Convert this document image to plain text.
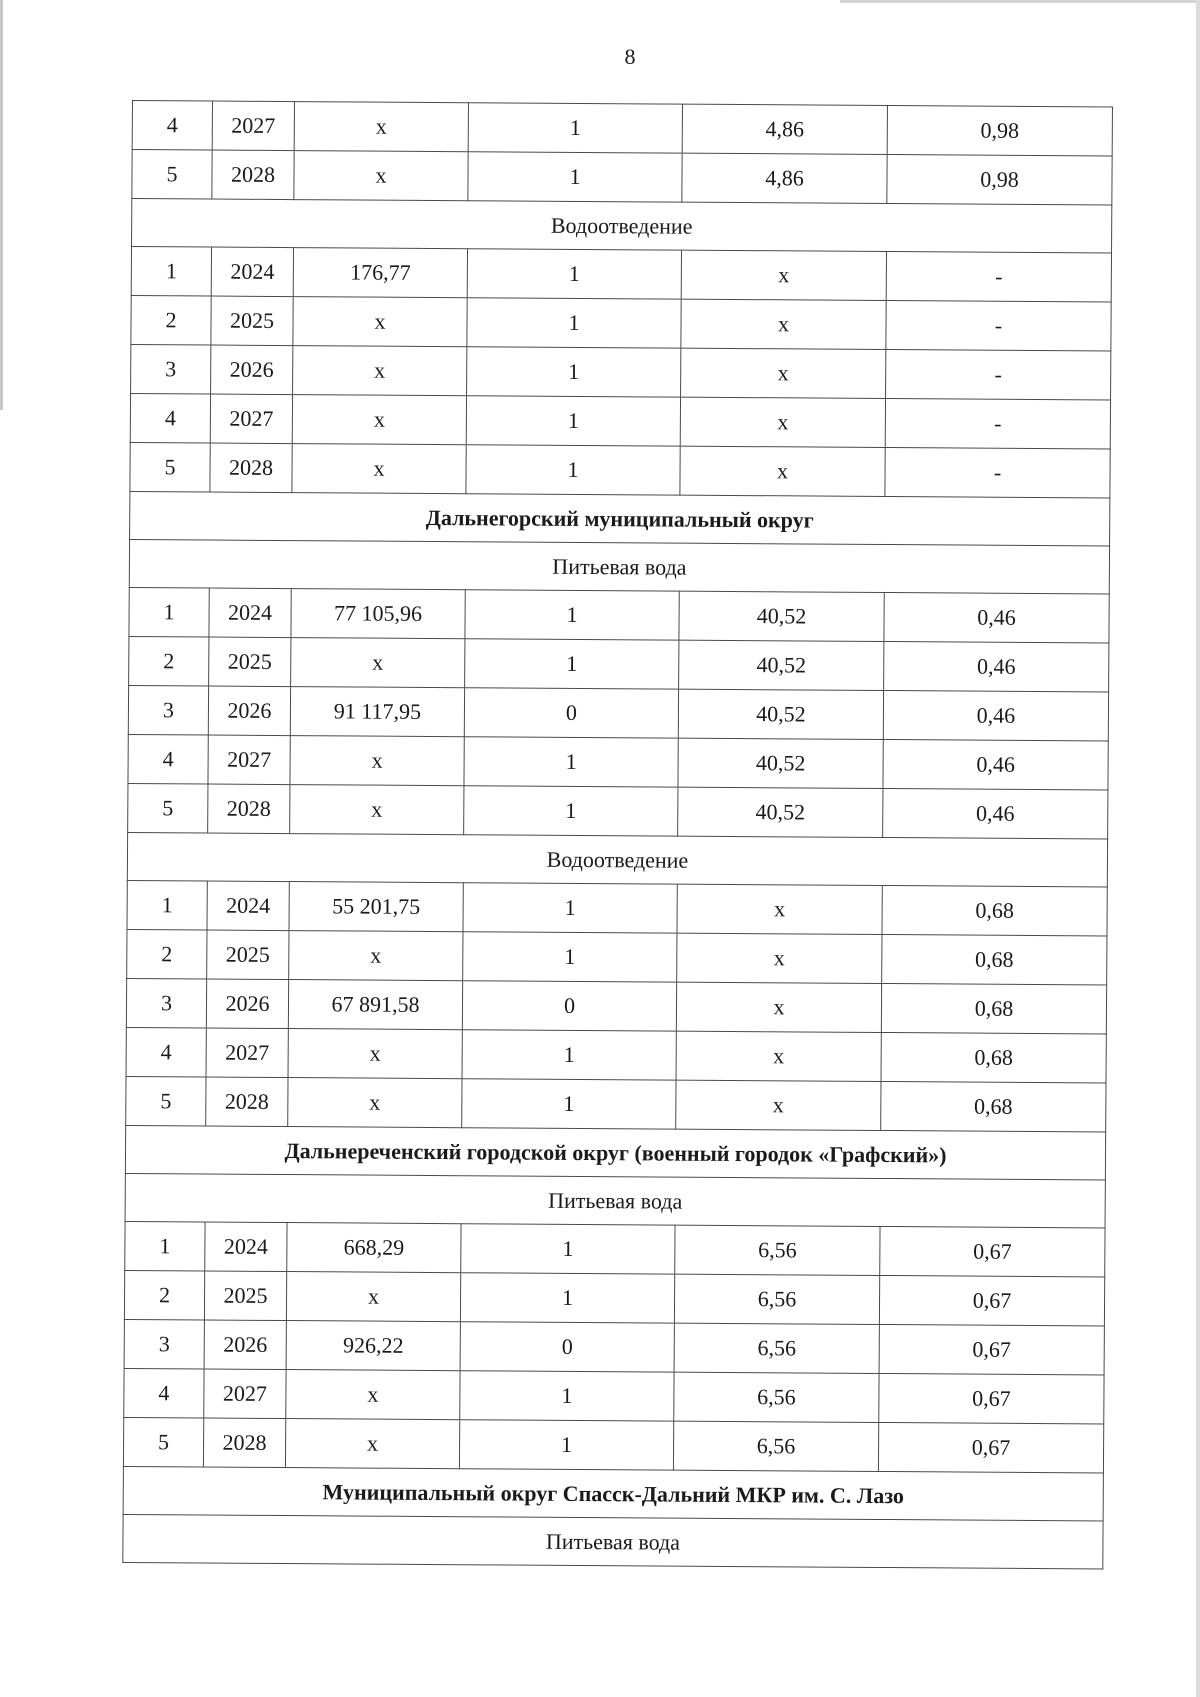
8
4	2027	x	1	4,86	0,98
5	2028	x	1	4,86	0,98
Водоотведение					
1	2024	176,77	1	x	-
2	2025	x	1	x	-
3	2026	x	1	x	-
4	2027	x	1	x	-
5	2028	x	1	x	-
Дальнегорский муниципальный округ					
Питьевая вода					
1	2024	77 105,96	1	40,52	0,46
2	2025	x	1	40,52	0,46
3	2026	91 117,95	0	40,52	0,46
4	2027	x	1	40,52	0,46
5	2028	x	1	40,52	0,46
Водоотведение					
1	2024	55 201,75	1	x	0,68
2	2025	x	1	x	0,68
3	2026	67 891,58	0	x	0,68
4	2027	x	1	x	0,68
5	2028	x	1	x	0,68
Дальнереченский городской округ (военный городок «Графский»)					
Питьевая вода					
1	2024	668,29	1	6,56	0,67
2	2025	x	1	6,56	0,67
3	2026	926,22	0	6,56	0,67
4	2027	x	1	6,56	0,67
5	2028	x	1	6,56	0,67
Муниципальный округ Спасск-Дальний МКР им. С. Лазо					
Питьевая вода					
